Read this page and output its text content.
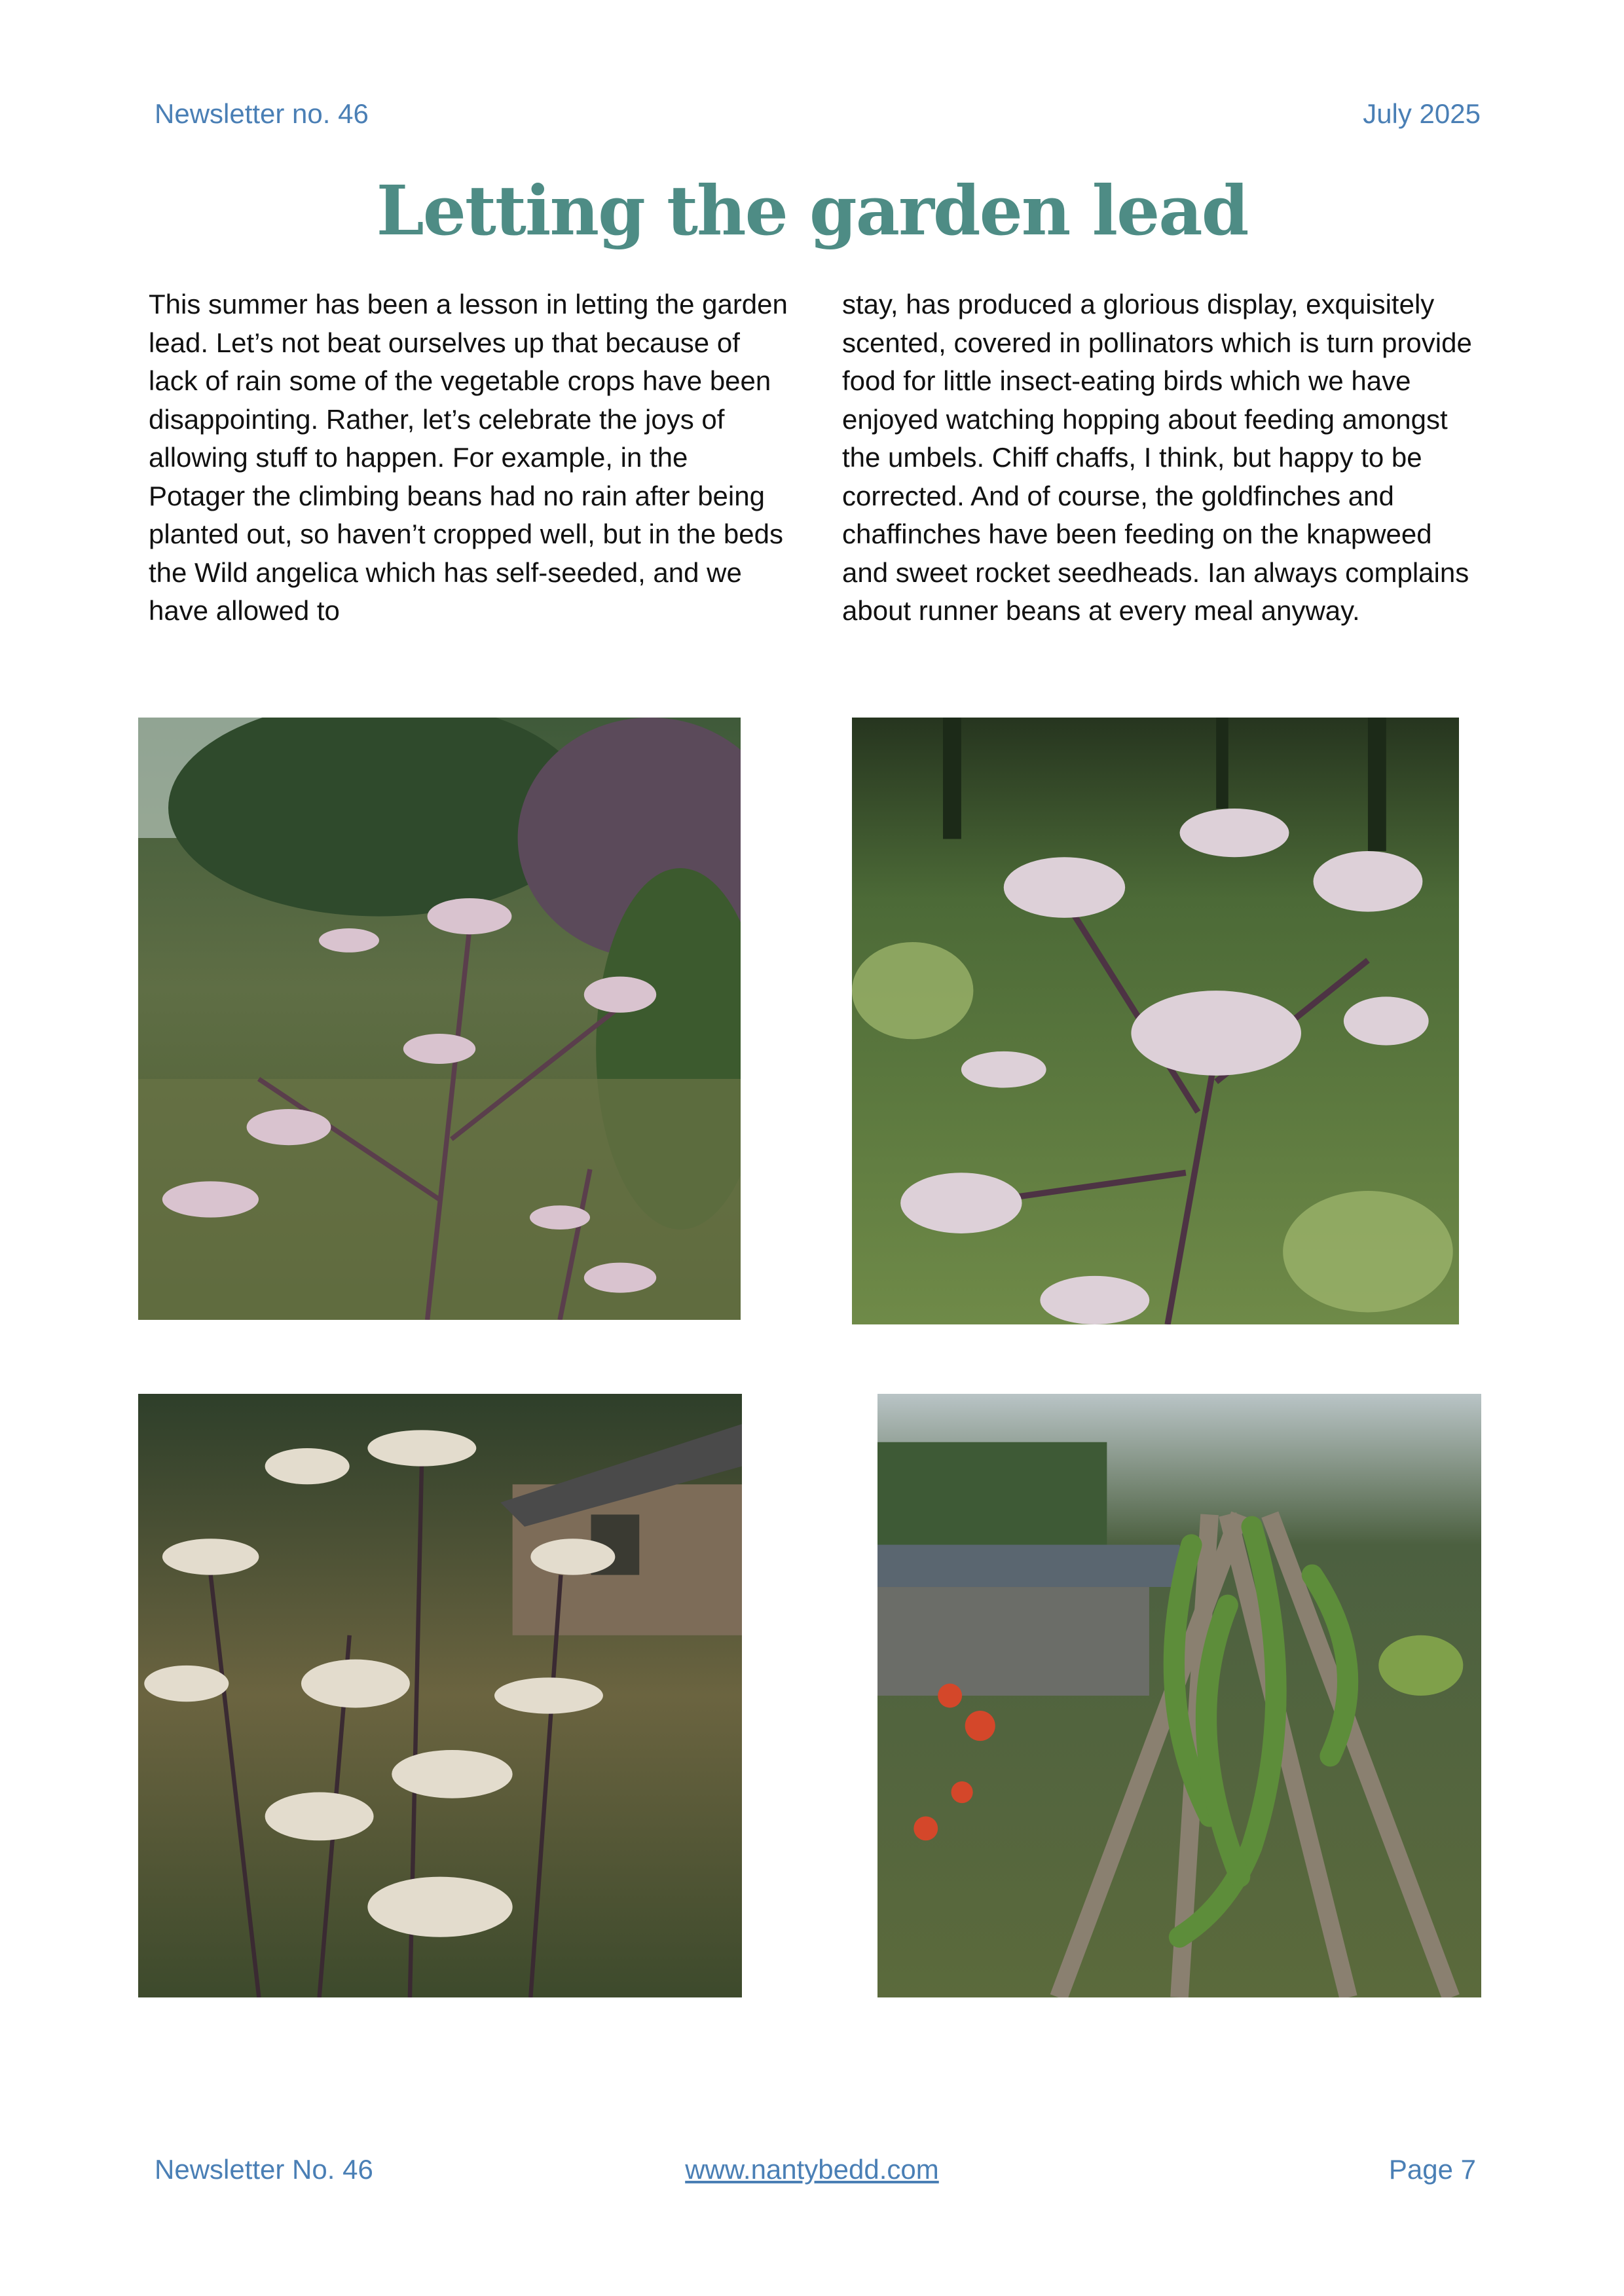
Newsletter no. 46	July 2025
Letting the garden lead

This summer has been a lesson in letting the garden lead. Let’s not beat ourselves up that because of lack of rain some of the vegetable crops have been disappointing. Rather, let’s celebrate the joys of allowing stuff to happen. For example, in the Potager the climbing beans had no rain after being planted out, so haven’t cropped well, but in the beds the Wild angelica which has self-seeded, and we have allowed to

stay, has produced a glorious display, exquisitely scented, covered in pollinators which is turn provide food for little insect-eating birds which we have enjoyed watching hopping about feeding amongst the umbels. Chiff chaffs, I think, but happy to be corrected. And of course, the goldfinches and chaffinches have been feeding on the knapweed and sweet rocket seedheads. Ian always complains about runner beans at every meal anyway.

Newsletter No. 46	www.nantybedd.com	Page 7
